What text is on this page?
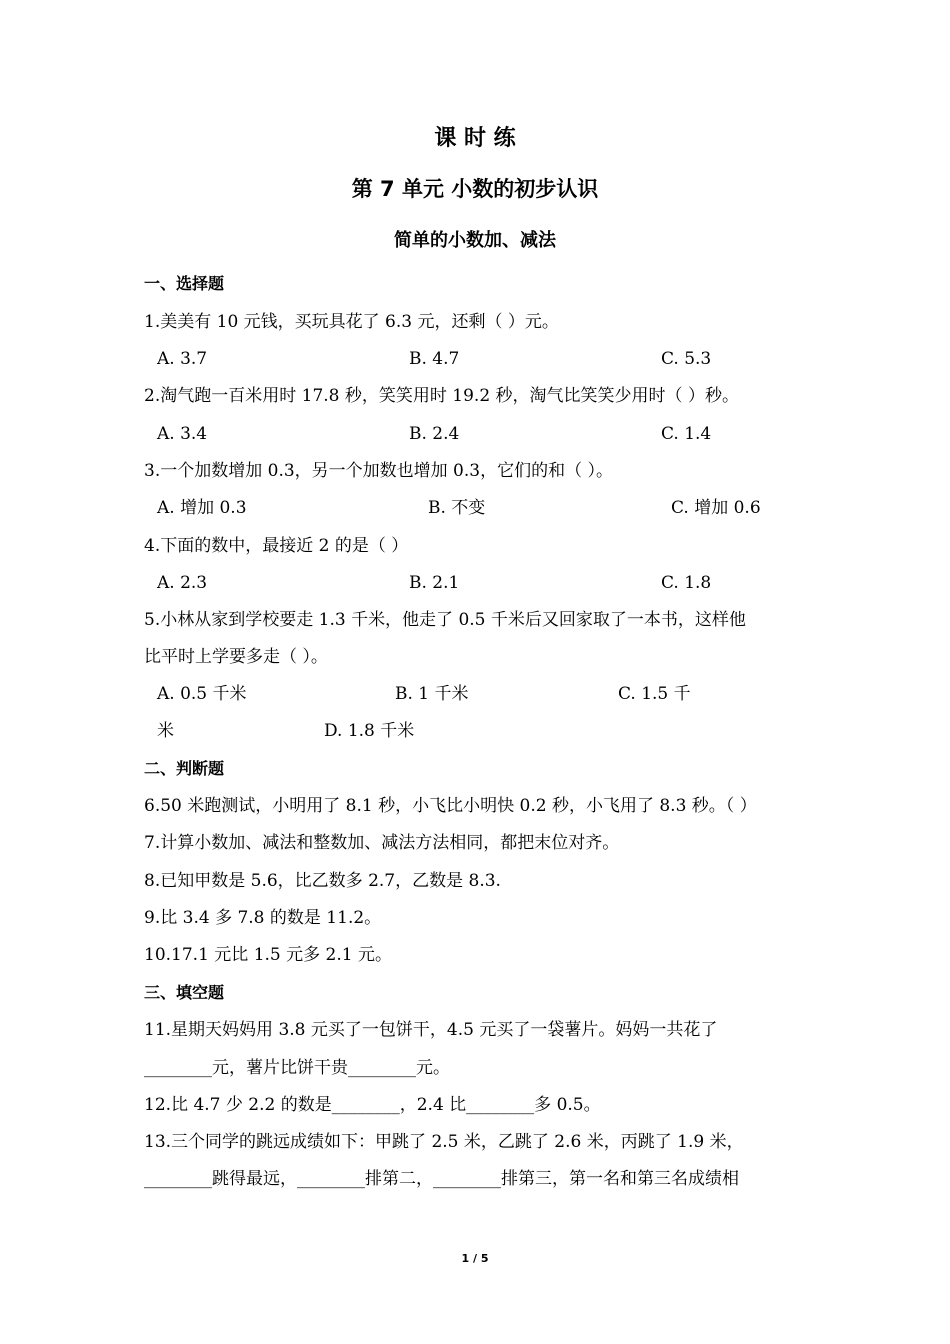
课 时 练
第 7 单元 小数的初步认识
简单的小数加、减法
一、选择题
1.美美有 10 元钱，买玩具花了 6.3 元，还剩（ ）元。
A. 3.7	B. 4.7	C. 5.3
2.淘气跑一百米用时 17.8 秒，笑笑用时 19.2 秒，淘气比笑笑少用时（ ）秒。
A. 3.4	B. 2.4	C. 1.4
3.一个加数增加 0.3，另一个加数也增加 0.3，它们的和（ ）。
A. 增加 0.3	B. 不变	C. 增加 0.6
4.下面的数中，最接近 2 的是（ ）
A. 2.3	B. 2.1	C. 1.8
5.小林从家到学校要走 1.3 千米，他走了 0.5 千米后又回家取了一本书，这样他
比平时上学要多走（ ）。
A. 0.5 千米	B. 1 千米	C. 1.5 千
米	D. 1.8 千米
二、判断题
6.50 米跑测试，小明用了 8.1 秒，小飞比小明快 0.2 秒，小飞用了 8.3 秒。（ ）
7.计算小数加、减法和整数加、减法方法相同，都把末位对齐。
8.已知甲数是 5.6，比乙数多 2.7，乙数是 8.3.
9.比 3.4 多 7.8 的数是 11.2。
10.17.1 元比 1.5 元多 2.1 元。
三、填空题
11.星期天妈妈用 3.8 元买了一包饼干，4.5 元买了一袋薯片。妈妈一共花了
________元，薯片比饼干贵________元。
12.比 4.7 少 2.2 的数是________，2.4 比________多 0.5。
13.三个同学的跳远成绩如下：甲跳了 2.5 米，乙跳了 2.6 米，丙跳了 1.9 米，
________跳得最远，________排第二，________排第三，第一名和第三名成绩相
1 / 5
